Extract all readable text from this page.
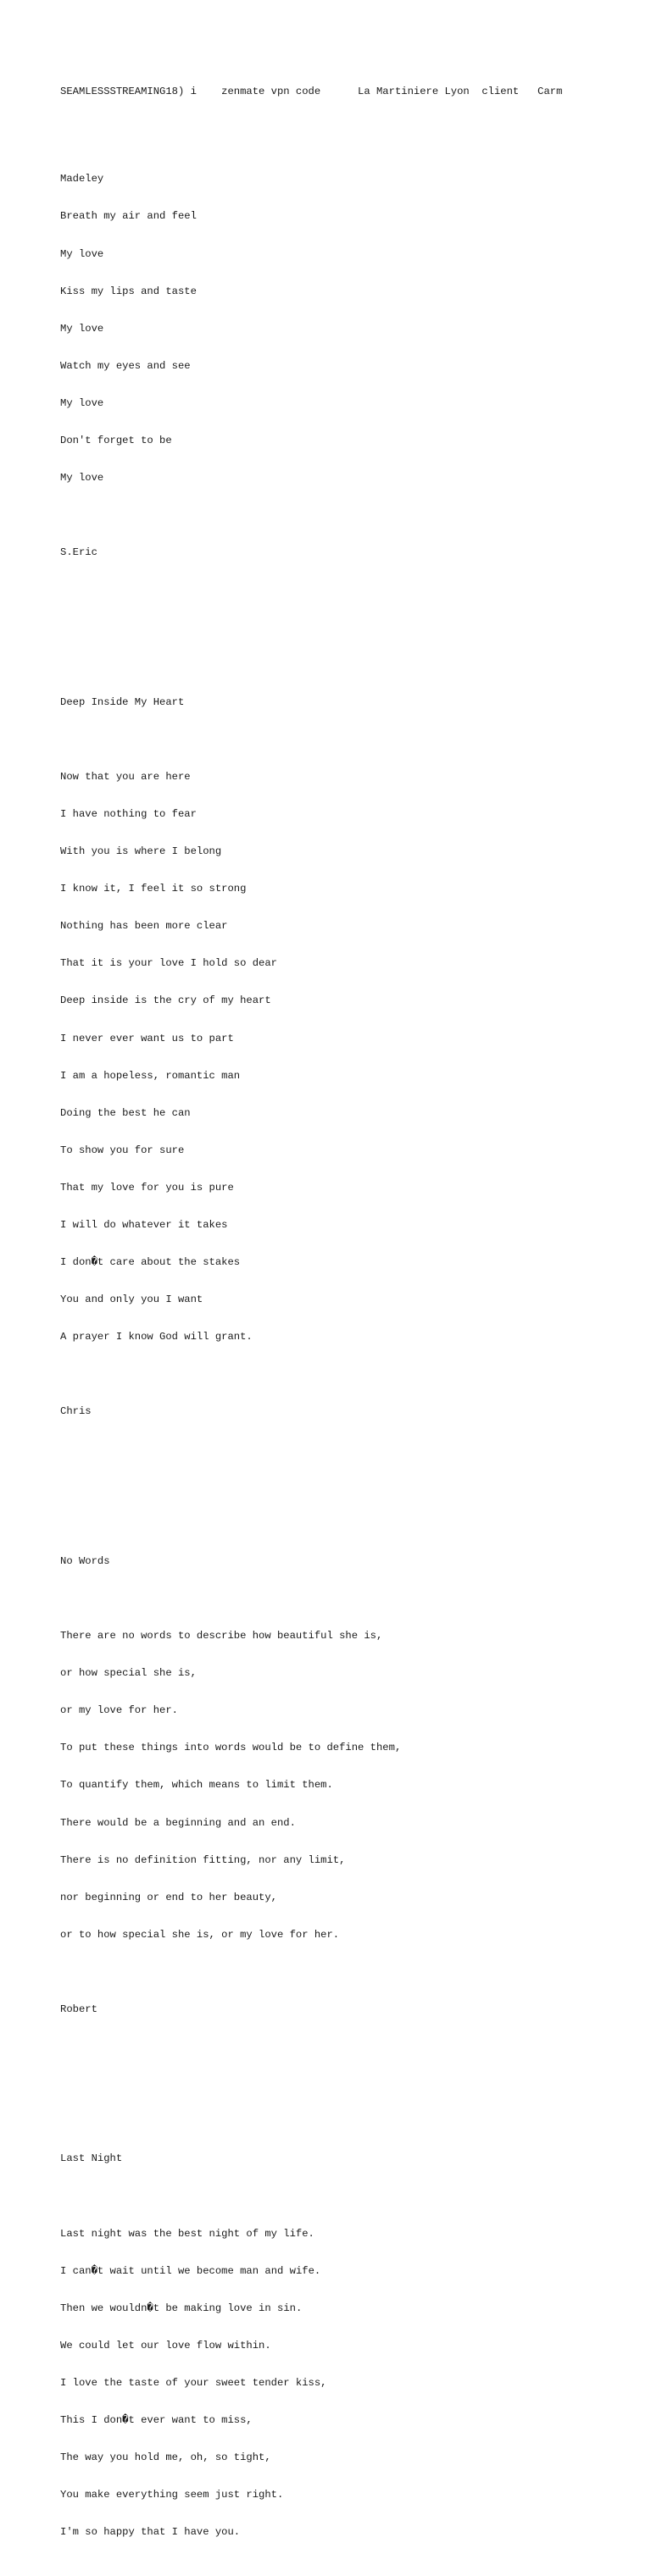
SEAMLESSSTREAMING18) i    zenmate vpn code      La Martiniere Lyon  client   Carm

Madeley

Breath my air and feel

My love

Kiss my lips and taste

My love

Watch my eyes and see

My love

Don't forget to be

My love

S.Eric

Deep Inside My Heart

Now that you are here

I have nothing to fear

With you is where I belong

I know it, I feel it so strong

Nothing has been more clear

That it is your love I hold so dear

Deep inside is the cry of my heart

I never ever want us to part

I am a hopeless, romantic man

Doing the best he can

To show you for sure

That my love for you is pure

I will do whatever it takes

I don�t care about the stakes

You and only you I want

A prayer I know God will grant.

Chris

No Words

There are no words to describe how beautiful she is,

or how special she is,

or my love for her.

To put these things into words would be to define them,

To quantify them, which means to limit them.

There would be a beginning and an end.

There is no definition fitting, nor any limit,

nor beginning or end to her beauty,

or to how special she is, or my love for her.

Robert

Last Night

Last night was the best night of my life.

I can�t wait until we become man and wife.

Then we wouldn�t be making love in sin.

We could let our love flow within.

I love the taste of your sweet tender kiss,

This I don�t ever want to miss,

The way you hold me, oh, so tight,

You make everything seem just right.

I'm so happy that I have you.
